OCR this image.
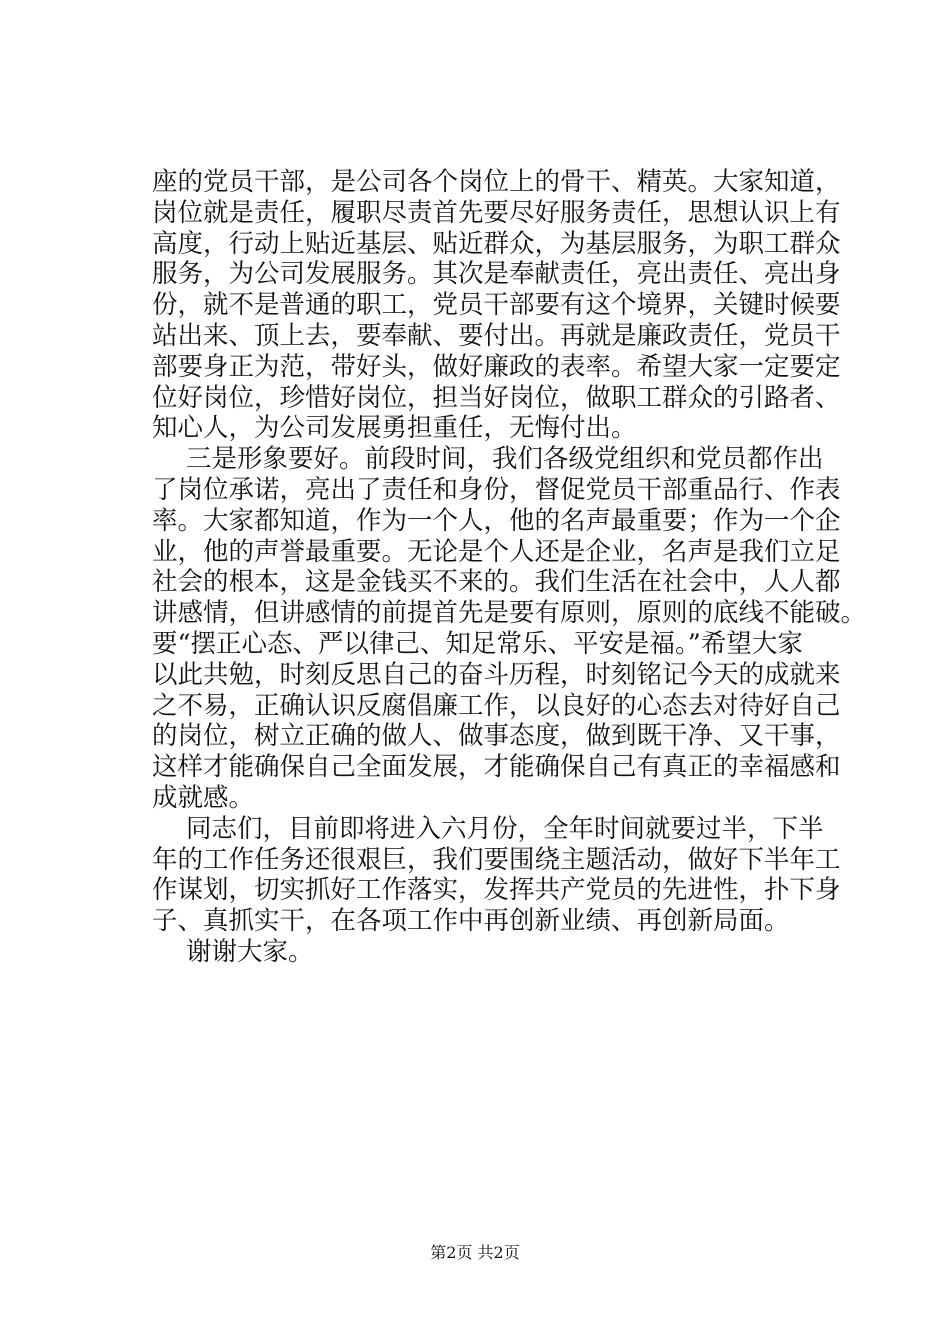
座的党员干部，是公司各个岗位上的骨干、精英。大家知道，
岗位就是责任，履职尽责首先要尽好服务责任，思想认识上有
高度，行动上贴近基层、贴近群众，为基层服务，为职工群众
服务，为公司发展服务。其次是奉献责任，亮出责任、亮出身
份，就不是普通的职工，党员干部要有这个境界，关键时候要
站出来、顶上去，要奉献、要付出。再就是廉政责任，党员干
部要身正为范，带好头，做好廉政的表率。希望大家一定要定
位好岗位，珍惜好岗位，担当好岗位，做职工群众的引路者、
知心人，为公司发展勇担重任，无悔付出。
三是形象要好。前段时间，我们各级党组织和党员都作出
了岗位承诺，亮出了责任和身份，督促党员干部重品行、作表
率。大家都知道，作为一个人，他的名声最重要；作为一个企
业，他的声誉最重要。无论是个人还是企业，名声是我们立足
社会的根本，这是金钱买不来的。我们生活在社会中，人人都
讲感情，但讲感情的前提首先是要有原则，原则的底线不能破。
要“摆正心态、严以律己、知足常乐、平安是福。”希望大家
以此共勉，时刻反思自己的奋斗历程，时刻铭记今天的成就来
之不易，正确认识反腐倡廉工作，以良好的心态去对待好自己
的岗位，树立正确的做人、做事态度，做到既干净、又干事，
这样才能确保自己全面发展，才能确保自己有真正的幸福感和
成就感。
同志们，目前即将进入六月份，全年时间就要过半，下半
年的工作任务还很艰巨，我们要围绕主题活动，做好下半年工
作谋划，切实抓好工作落实，发挥共产党员的先进性，扑下身
子、真抓实干，在各项工作中再创新业绩、再创新局面。
谢谢大家。
第2页 共2页
